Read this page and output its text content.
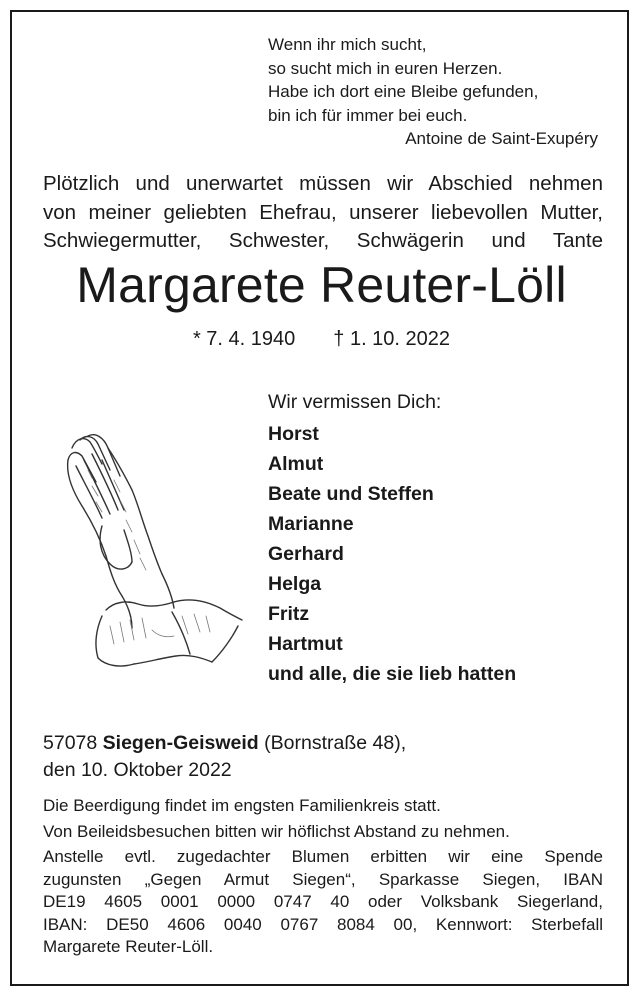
Wenn ihr mich sucht,
so sucht mich in euren Herzen.
Habe ich dort eine Bleibe gefunden,
bin ich für immer bei euch.
Antoine de Saint-Exupéry
Plötzlich und unerwartet müssen wir Abschied nehmen
von meiner geliebten Ehefrau, unserer liebevollen Mutter,
Schwiegermutter, Schwester, Schwägerin und Tante
Margarete Reuter-Löll
* 7. 4. 1940 † 1. 10. 2022
Wir vermissen Dich:
Horst
Almut
Beate und Steffen
Marianne
Gerhard
Helga
Fritz
Hartmut
und alle, die sie lieb hatten
57078 Siegen-Geisweid (Bornstraße 48),
den 10. Oktober 2022
Die Beerdigung findet im engsten Familienkreis statt.
Von Beileidsbesuchen bitten wir höflichst Abstand zu nehmen.
Anstelle evtl. zugedachter Blumen erbitten wir eine Spende
zugunsten „Gegen Armut Siegen“, Sparkasse Siegen, IBAN
DE19 4605 0001 0000 0747 40 oder Volksbank Siegerland,
IBAN: DE50 4606 0040 0767 8084 00, Kennwort: Sterbefall
Margarete Reuter-Löll.
